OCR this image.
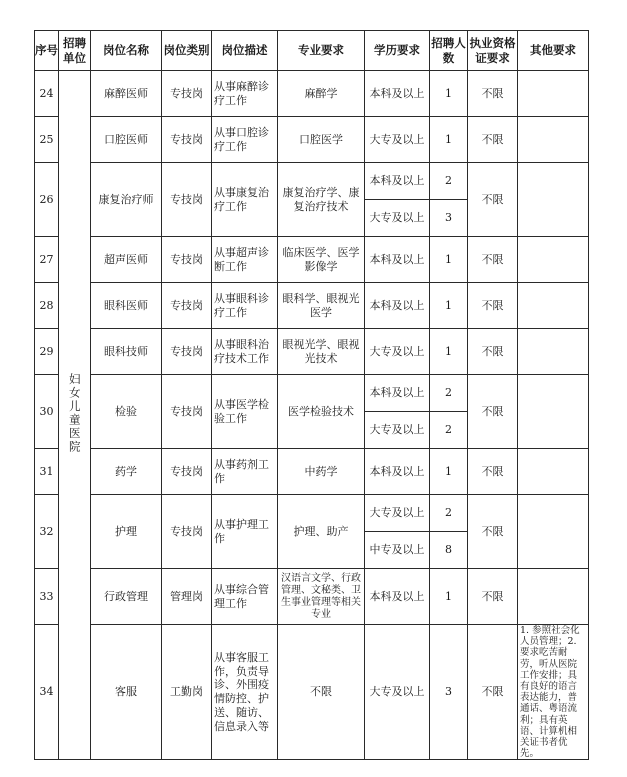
序号	招聘单位	岗位名称	岗位类别	岗位描述	专业要求	学历要求	招聘人数	执业资格证要求	其他要求
24	妇女儿童医院	麻醉医师	专技岗	从事麻醉诊疗工作	麻醉学	本科及以上	1	不限	
25		口腔医师	专技岗	从事口腔诊疗工作	口腔医学	大专及以上	1	不限	
26		康复治疗师	专技岗	从事康复治疗工作	康复治疗学、康复治疗技术	本科及以上	2	不限	
						大专及以上	3		
27		超声医师	专技岗	从事超声诊断工作	临床医学、医学影像学	本科及以上	1	不限	
28		眼科医师	专技岗	从事眼科诊疗工作	眼科学、眼视光医学	本科及以上	1	不限	
29		眼科技师	专技岗	从事眼科治疗技术工作	眼视光学、眼视光技术	大专及以上	1	不限	
30		检验	专技岗	从事医学检验工作	医学检验技术	本科及以上	2	不限	
						大专及以上	2		
31		药学	专技岗	从事药剂工作	中药学	本科及以上	1	不限	
32		护理	专技岗	从事护理工作	护理、助产	大专及以上	2	不限	
						中专及以上	8		
33		行政管理	管理岗	从事综合管理工作	汉语言文学、行政管理、文秘类、卫生事业管理等相关专业	本科及以上	1	不限	
34		客服	工勤岗	从事客服工作，负责导诊、外围疫情防控、护送、随访、信息录入等	不限	大专及以上	3	不限	1. 参照社会化人员管理；2. 要求吃苦耐劳，听从医院工作安排；具有良好的语言表达能力，普通话、粤语流利；具有英语、计算机相关证书者优先。
